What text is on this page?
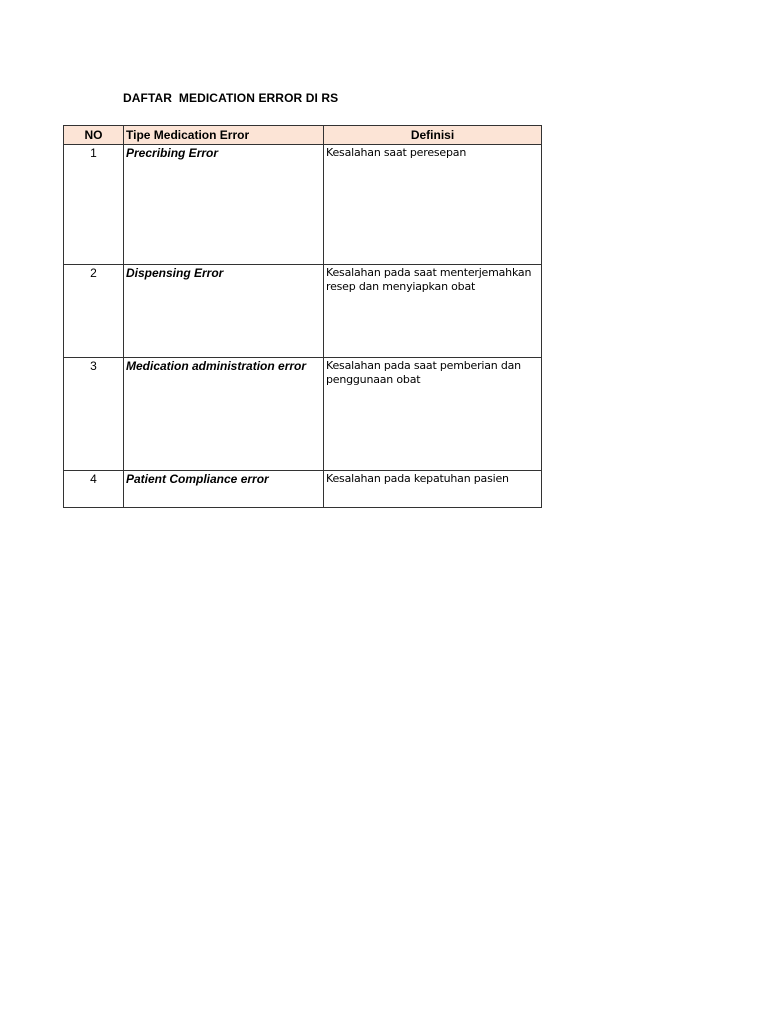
DAFTAR  MEDICATION ERROR DI RS
NO	Tipe Medication Error	Definisi
1	Precribing Error	Kesalahan saat peresepan
2	Dispensing Error	Kesalahan pada saat menterjemahkan resep dan menyiapkan obat
3	Medication administration error	Kesalahan pada saat pemberian dan penggunaan obat
4	Patient Compliance error	Kesalahan pada kepatuhan pasien
